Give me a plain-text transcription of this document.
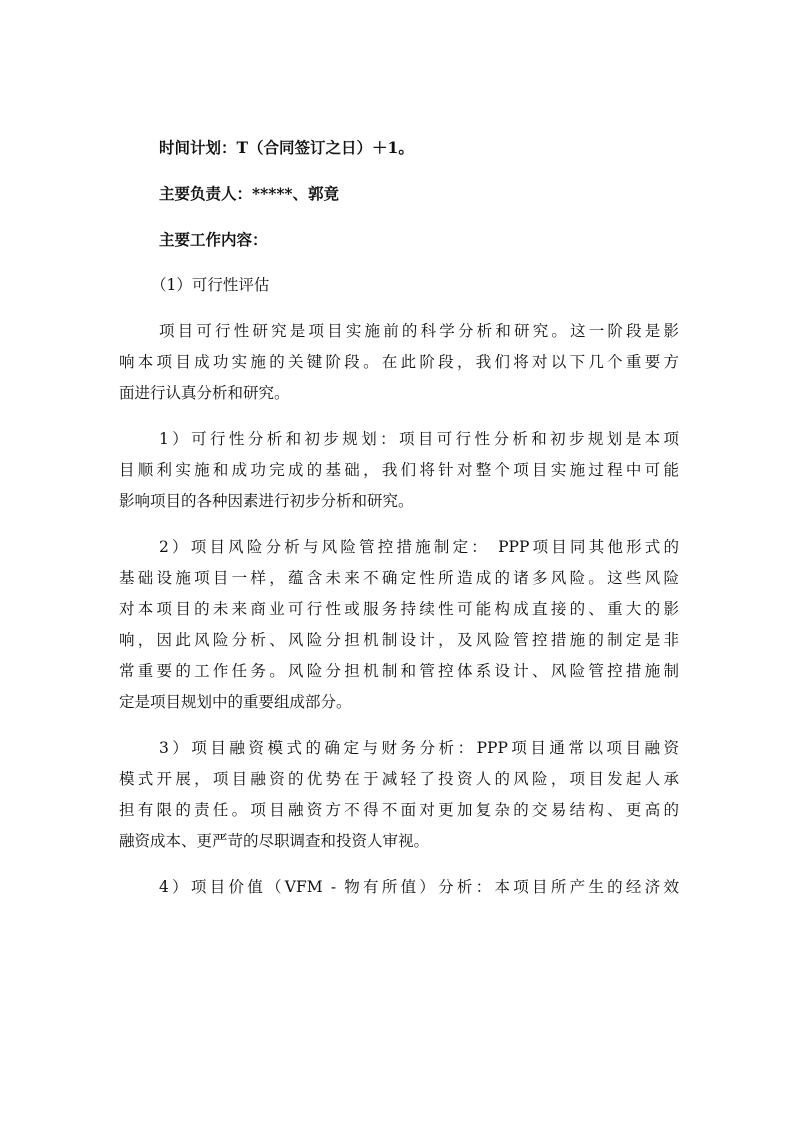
时间计划：T（合同签订之日）＋1。
主要负责人：*****、郭竟
主要工作内容：
（1）可行性评估
项目可行性研究是项目实施前的科学分析和研究。这一阶段是影
响本项目成功实施的关键阶段。在此阶段，我们将对以下几个重要方
面进行认真分析和研究。
1）可行性分析和初步规划：项目可行性分析和初步规划是本项
目顺利实施和成功完成的基础，我们将针对整个项目实施过程中可能
影响项目的各种因素进行初步分析和研究。
2）项目风险分析与风险管控措施制定： PPP项目同其他形式的
基础设施项目一样，蕴含未来不确定性所造成的诸多风险。这些风险
对本项目的未来商业可行性或服务持续性可能构成直接的、重大的影
响，因此风险分析、风险分担机制设计，及风险管控措施的制定是非
常重要的工作任务。风险分担机制和管控体系设计、风险管控措施制
定是项目规划中的重要组成部分。
3）项目融资模式的确定与财务分析：PPP项目通常以项目融资
模式开展，项目融资的优势在于减轻了投资人的风险，项目发起人承
担有限的责任。项目融资方不得不面对更加复杂的交易结构、更高的
融资成本、更严苛的尽职调查和投资人审视。
4）项目价值（VFM - 物有所值）分析：本项目所产生的经济效
